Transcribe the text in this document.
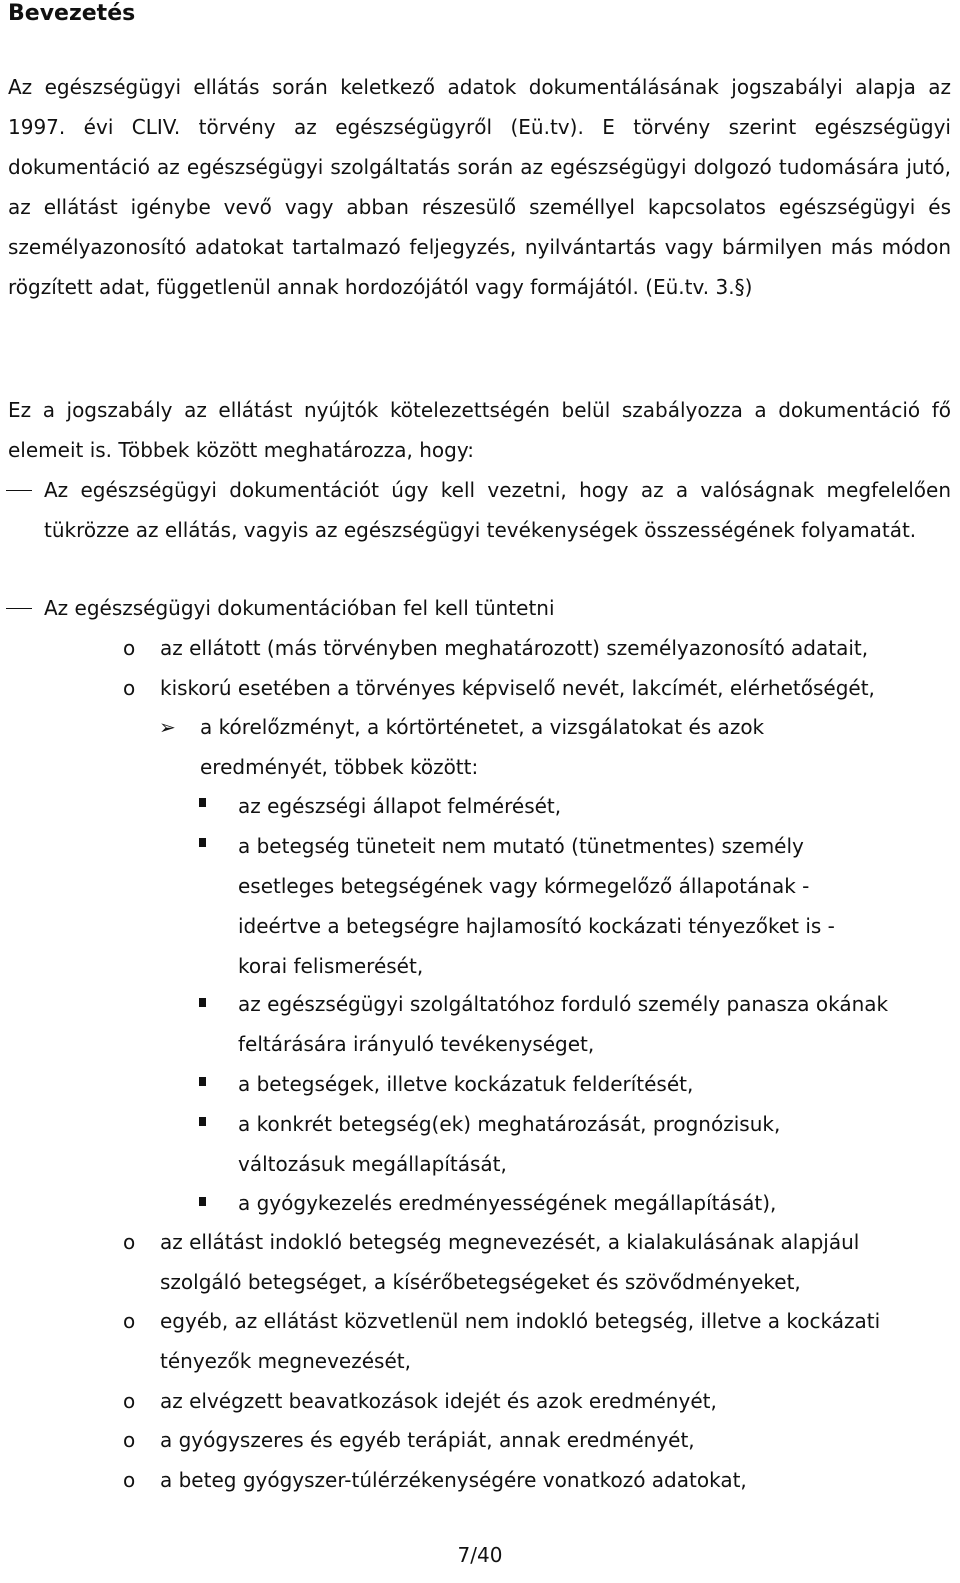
Bevezetés

Az egészségügyi ellátás során keletkező adatok dokumentálásának jogszabályi alapja az 1997. évi CLIV. törvény az egészségügyről (Eü.tv). E törvény szerint egészségügyi dokumentáció az egészségügyi szolgáltatás során az egészségügyi dolgozó tudomására jutó, az ellátást igénybe vevő vagy abban részesülő személlyel kapcsolatos egészségügyi és személyazonosító adatokat tartalmazó feljegyzés, nyilvántartás vagy bármilyen más módon rögzített adat, függetlenül annak hordozójától vagy formájától. (Eü.tv. 3.§)

Ez a jogszabály az ellátást nyújtók kötelezettségén belül szabályozza a dokumentáció fő elemeit is. Többek között meghatározza, hogy:

Az egészségügyi dokumentációt úgy kell vezetni, hogy az a valóságnak megfelelően tükrözze az ellátás, vagyis az egészségügyi tevékenységek összességének folyamatát.

Az egészségügyi dokumentációban fel kell tüntetni

o az ellátott (más törvényben meghatározott) személyazonosító adatait,

o kiskorú esetében a törvényes képviselő nevét, lakcímét, elérhetőségét,

➢ a kórelőzményt, a kórtörténetet, a vizsgálatokat és azok eredményét, többek között:

az egészségi állapot felmérését,

a betegség tüneteit nem mutató (tünetmentes) személy esetleges betegségének vagy kórmegelőző állapotának - ideértve a betegségre hajlamosító kockázati tényezőket is - korai felismerését,

az egészségügyi szolgáltatóhoz forduló személy panasza okának feltárására irányuló tevékenységet,

a betegségek, illetve kockázatuk felderítését,

a konkrét betegség(ek) meghatározását, prognózisuk, változásuk megállapítását,

a gyógykezelés eredményességének megállapítását),

o az ellátást indokló betegség megnevezését, a kialakulásának alapjául szolgáló betegséget, a kísérőbetegségeket és szövődményeket,

o egyéb, az ellátást közvetlenül nem indokló betegség, illetve a kockázati tényezők megnevezését,

o az elvégzett beavatkozások idejét és azok eredményét,

o a gyógyszeres és egyéb terápiát, annak eredményét,

o a beteg gyógyszer-túlérzékenységére vonatkozó adatokat,

7/40
